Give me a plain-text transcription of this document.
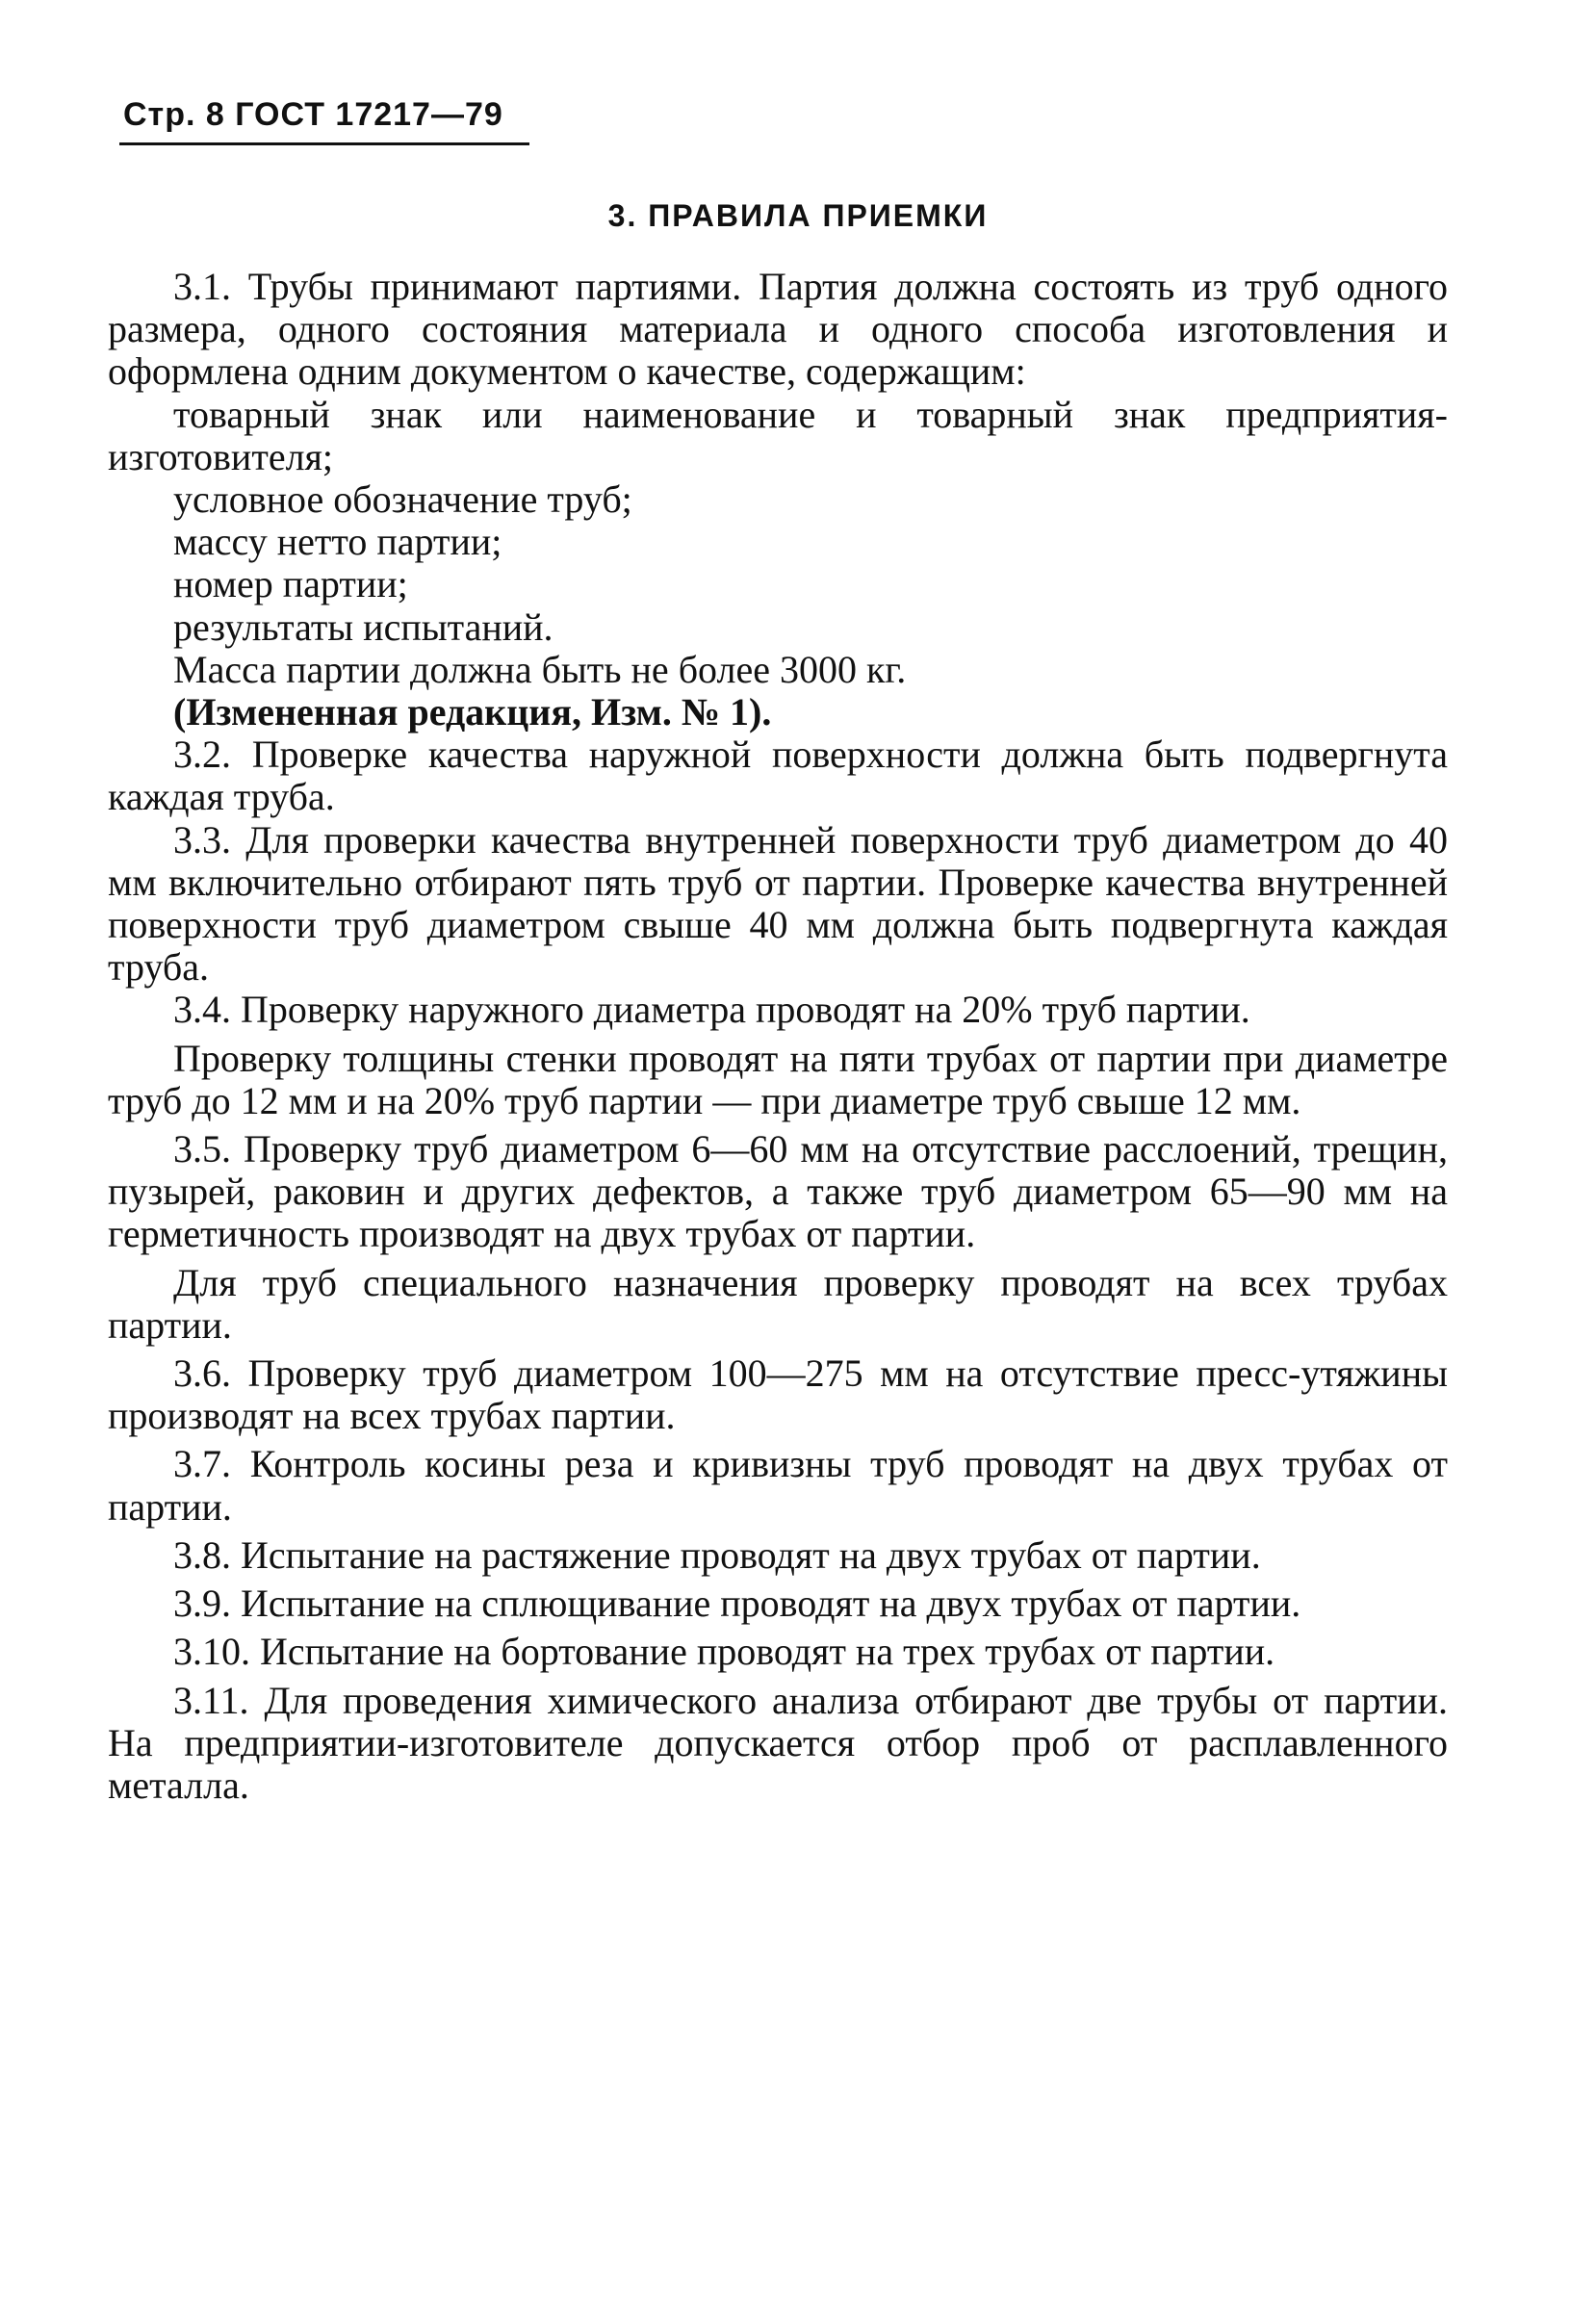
Стр. 8 ГОСТ 17217—79
3. ПРАВИЛА ПРИЕМКИ

3.1. Трубы принимают партиями. Партия должна состоять из труб одного размера, одного состояния материала и одного способа изготовления и оформлена одним документом о качестве, содержащим:

товарный знак или наименование и товарный знак предприятия-изготовителя;

условное обозначение труб;

массу нетто партии;

номер партии;

результаты испытаний.

Масса партии должна быть не более 3000 кг.

(Измененная редакция, Изм. № 1).

3.2. Проверке качества наружной поверхности должна быть подвергнута каждая труба.

3.3. Для проверки качества внутренней поверхности труб диаметром до 40 мм включительно отбирают пять труб от партии. Проверке качества внутренней поверхности труб диаметром свыше 40 мм должна быть подвергнута каждая труба.

3.4. Проверку наружного диаметра проводят на 20% труб партии.

Проверку толщины стенки проводят на пяти трубах от партии при диаметре труб до 12 мм и на 20% труб партии — при диаметре труб свыше 12 мм.

3.5. Проверку труб диаметром 6—60 мм на отсутствие расслоений, трещин, пузырей, раковин и других дефектов, а также труб диаметром 65—90 мм на герметичность производят на двух трубах от партии.

Для труб специального назначения проверку проводят на всех трубах партии.

3.6. Проверку труб диаметром 100—275 мм на отсутствие пресс-утяжины производят на всех трубах партии.

3.7. Контроль косины реза и кривизны труб проводят на двух трубах от партии.

3.8. Испытание на растяжение проводят на двух трубах от партии.

3.9. Испытание на сплющивание проводят на двух трубах от партии.

3.10. Испытание на бортование проводят на трех трубах от партии.

3.11. Для проведения химического анализа отбирают две трубы от партии. На предприятии-изготовителе допускается отбор проб от расплавленного металла.
